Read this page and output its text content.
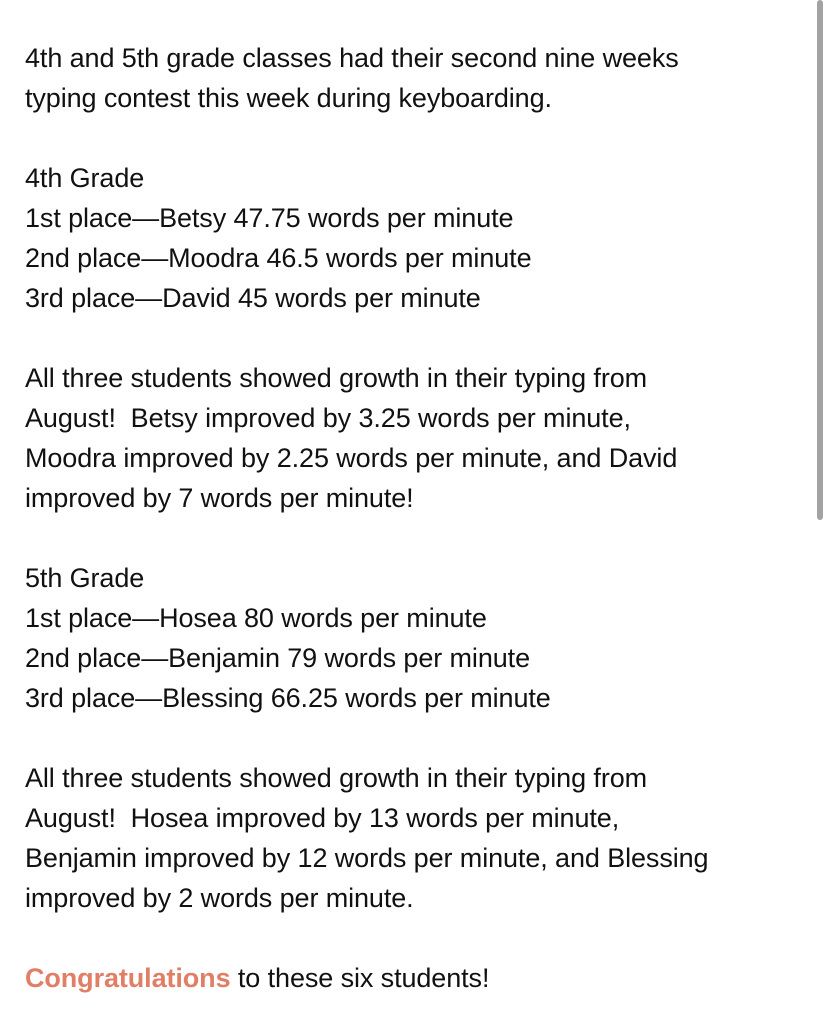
4th and 5th grade classes had their second nine weeks
typing contest this week during keyboarding.
4th Grade
1st place—Betsy 47.75 words per minute
2nd place—Moodra 46.5 words per minute
3rd place—David 45 words per minute
All three students showed growth in their typing from
August!  Betsy improved by 3.25 words per minute,
Moodra improved by 2.25 words per minute, and David
improved by 7 words per minute!
5th Grade
1st place—Hosea 80 words per minute
2nd place—Benjamin 79 words per minute
3rd place—Blessing 66.25 words per minute
All three students showed growth in their typing from
August!  Hosea improved by 13 words per minute,
Benjamin improved by 12 words per minute, and Blessing
improved by 2 words per minute.
Congratulations to these six students!
